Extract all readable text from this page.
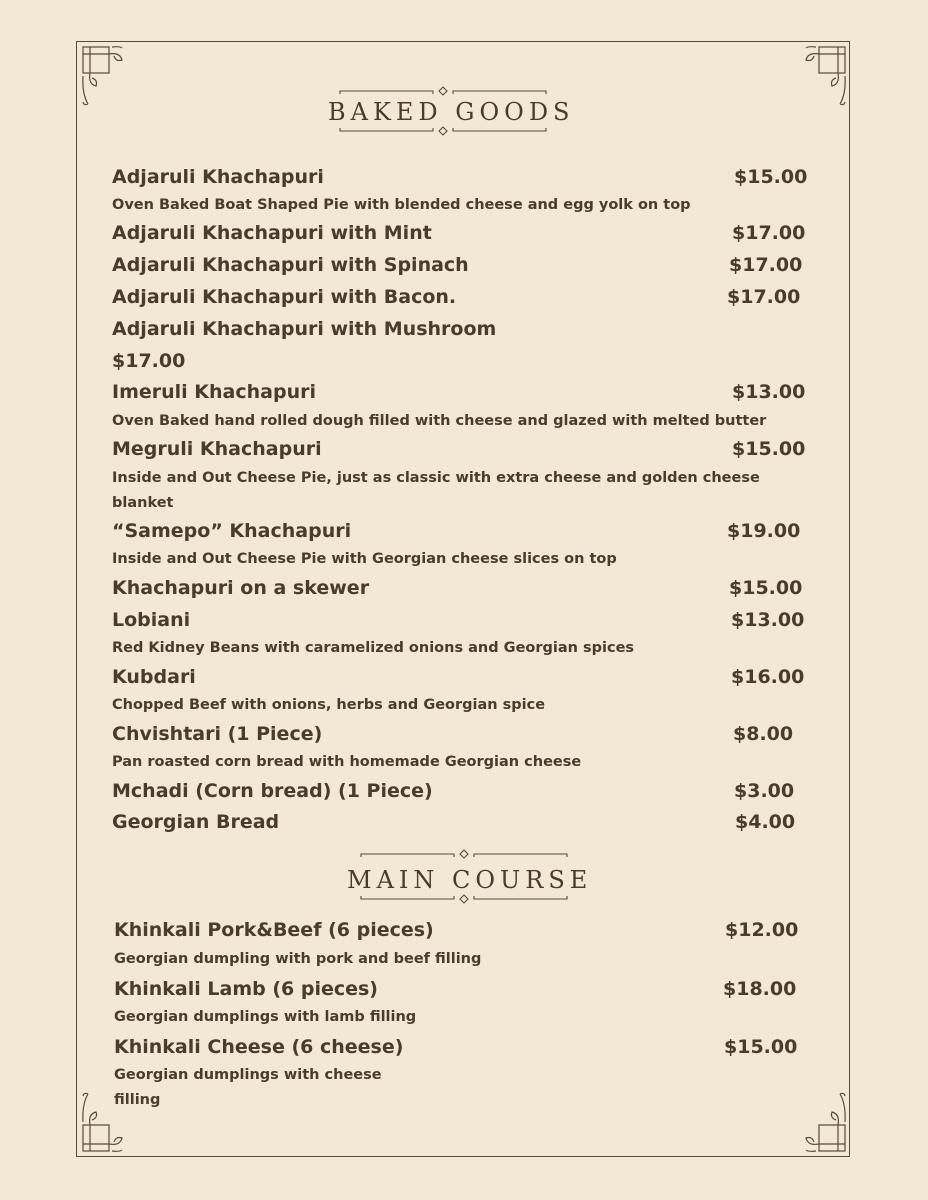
BAKED GOODS
Adjaruli Khachapuri	$15.00
Oven Baked Boat Shaped Pie with blended cheese and egg yolk on top
Adjaruli Khachapuri with Mint	$17.00
Adjaruli Khachapuri with Spinach	$17.00
Adjaruli Khachapuri with Bacon.	$17.00
Adjaruli Khachapuri with Mushroom
$17.00
Imeruli Khachapuri	$13.00
Oven Baked hand rolled dough filled with cheese and glazed with melted butter
Megruli Khachapuri	$15.00
Inside and Out Cheese Pie, just as classic with extra cheese and golden cheese
blanket
“Samepo” Khachapuri	$19.00
Inside and Out Cheese Pie with Georgian cheese slices on top
Khachapuri on a skewer	$15.00
Lobiani	$13.00
Red Kidney Beans with caramelized onions and Georgian spices
Kubdari	$16.00
Chopped Beef with onions, herbs and Georgian spice
Chvishtari (1 Piece)	$8.00
Pan roasted corn bread with homemade Georgian cheese
Mchadi (Corn bread) (1 Piece)	$3.00
Georgian Bread	$4.00
MAIN COURSE
Khinkali Pork&Beef (6 pieces)	$12.00
Georgian dumpling with pork and beef filling
Khinkali Lamb (6 pieces)	$18.00
Georgian dumplings with lamb filling
Khinkali Cheese (6 cheese)	$15.00
Georgian dumplings with cheese
filling
